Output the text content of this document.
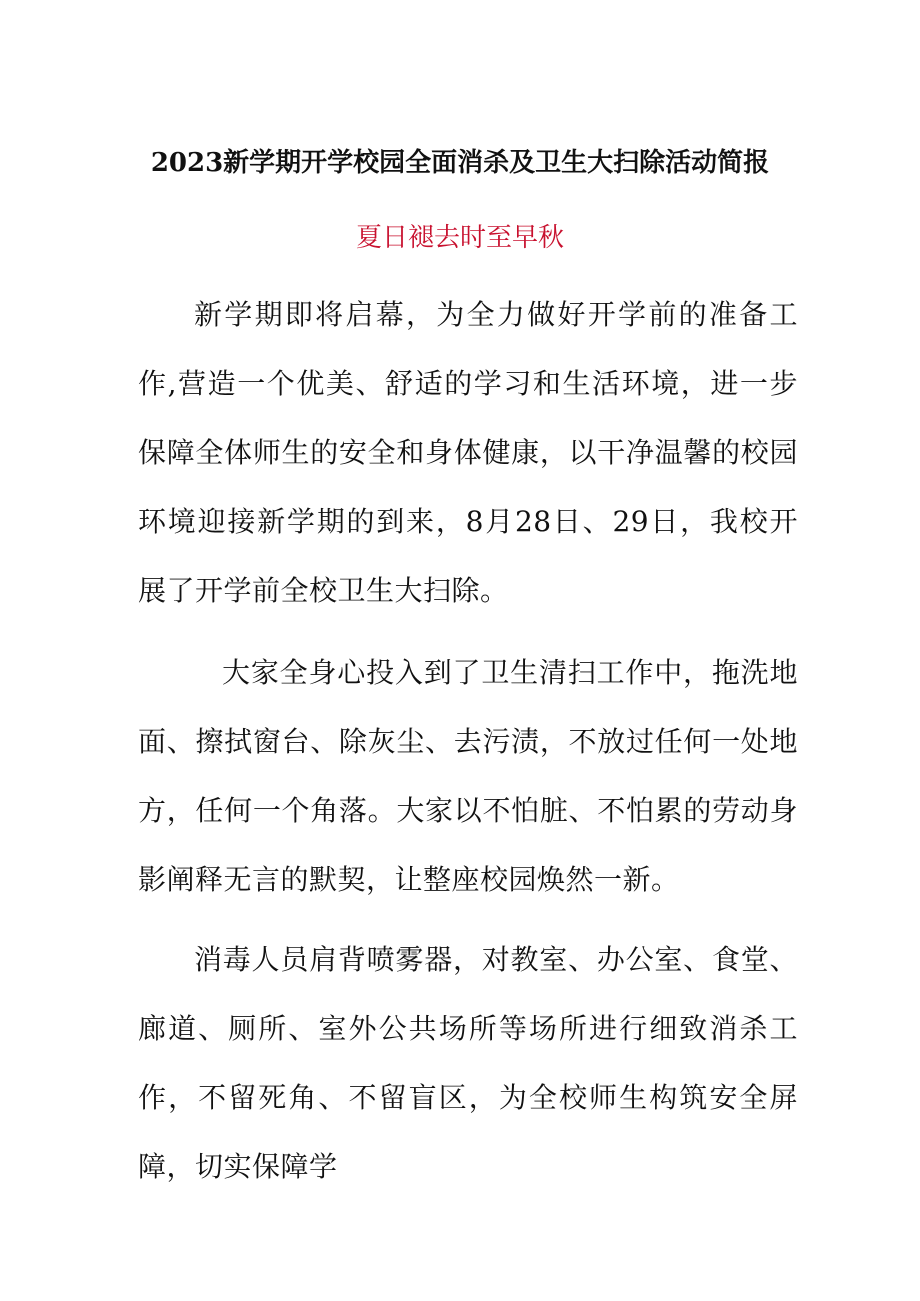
2023新学期开学校园全面消杀及卫生大扫除活动简报
夏日褪去时至早秋
新学期即将启幕，为全力做好开学前的准备工作,营造一个优美、舒适的学习和生活环境，进一步保障全体师生的安全和身体健康，以干净温馨的校园环境迎接新学期的到来，8月28日、29日，我校开展了开学前全校卫生大扫除。
大家全身心投入到了卫生清扫工作中，拖洗地面、擦拭窗台、除灰尘、去污渍，不放过任何一处地方，任何一个角落。大家以不怕脏、不怕累的劳动身影阐释无言的默契，让整座校园焕然一新。
消毒人员肩背喷雾器，对教室、办公室、食堂、廊道、厕所、室外公共场所等场所进行细致消杀工作，不留死角、不留盲区，为全校师生构筑安全屏障，切实保障学
